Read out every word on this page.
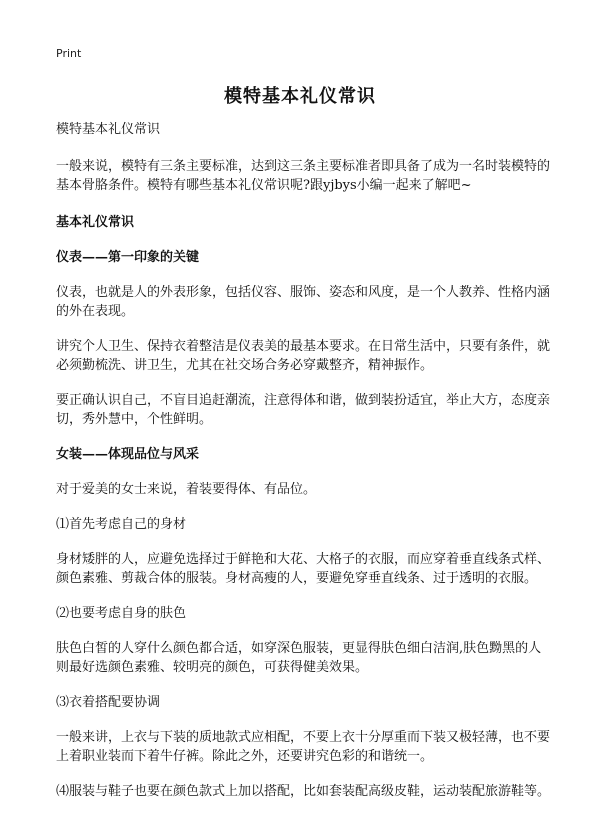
Print
模特基本礼仪常识

模特基本礼仪常识

一般来说，模特有三条主要标准，达到这三条主要标准者即具备了成为一名时装模特的基本骨胳条件。模特有哪些基本礼仪常识呢?跟yjbys小编一起来了解吧~

基本礼仪常识

仪表——第一印象的关键

仪表，也就是人的外表形象，包括仪容、服饰、姿态和风度，是一个人教养、性格内涵的外在表现。

讲究个人卫生、保持衣着整洁是仪表美的最基本要求。在日常生活中，只要有条件，就必须勤梳洗、讲卫生，尤其在社交场合务必穿戴整齐，精神振作。

要正确认识自己，不盲目追赶潮流，注意得体和谐，做到装扮适宜，举止大方，态度亲切，秀外慧中，个性鲜明。

女装——体现品位与风采

对于爱美的女士来说，着装要得体、有品位。

⑴首先考虑自己的身材

身材矮胖的人，应避免选择过于鲜艳和大花、大格子的衣服，而应穿着垂直线条式样、颜色素雅、剪裁合体的服装。身材高瘦的人，要避免穿垂直线条、过于透明的衣服。

⑵也要考虑自身的肤色

肤色白皙的人穿什么颜色都合适，如穿深色服装，更显得肤色细白洁润,肤色黝黑的人则最好选颜色素雅、较明亮的颜色，可获得健美效果。

⑶衣着搭配要协调

一般来讲，上衣与下装的质地款式应相配，不要上衣十分厚重而下装又极轻薄，也不要上着职业装而下着牛仔裤。除此之外，还要讲究色彩的和谐统一。

⑷服装与鞋子也要在颜色款式上加以搭配，比如套装配高级皮鞋，运动装配旅游鞋等。
